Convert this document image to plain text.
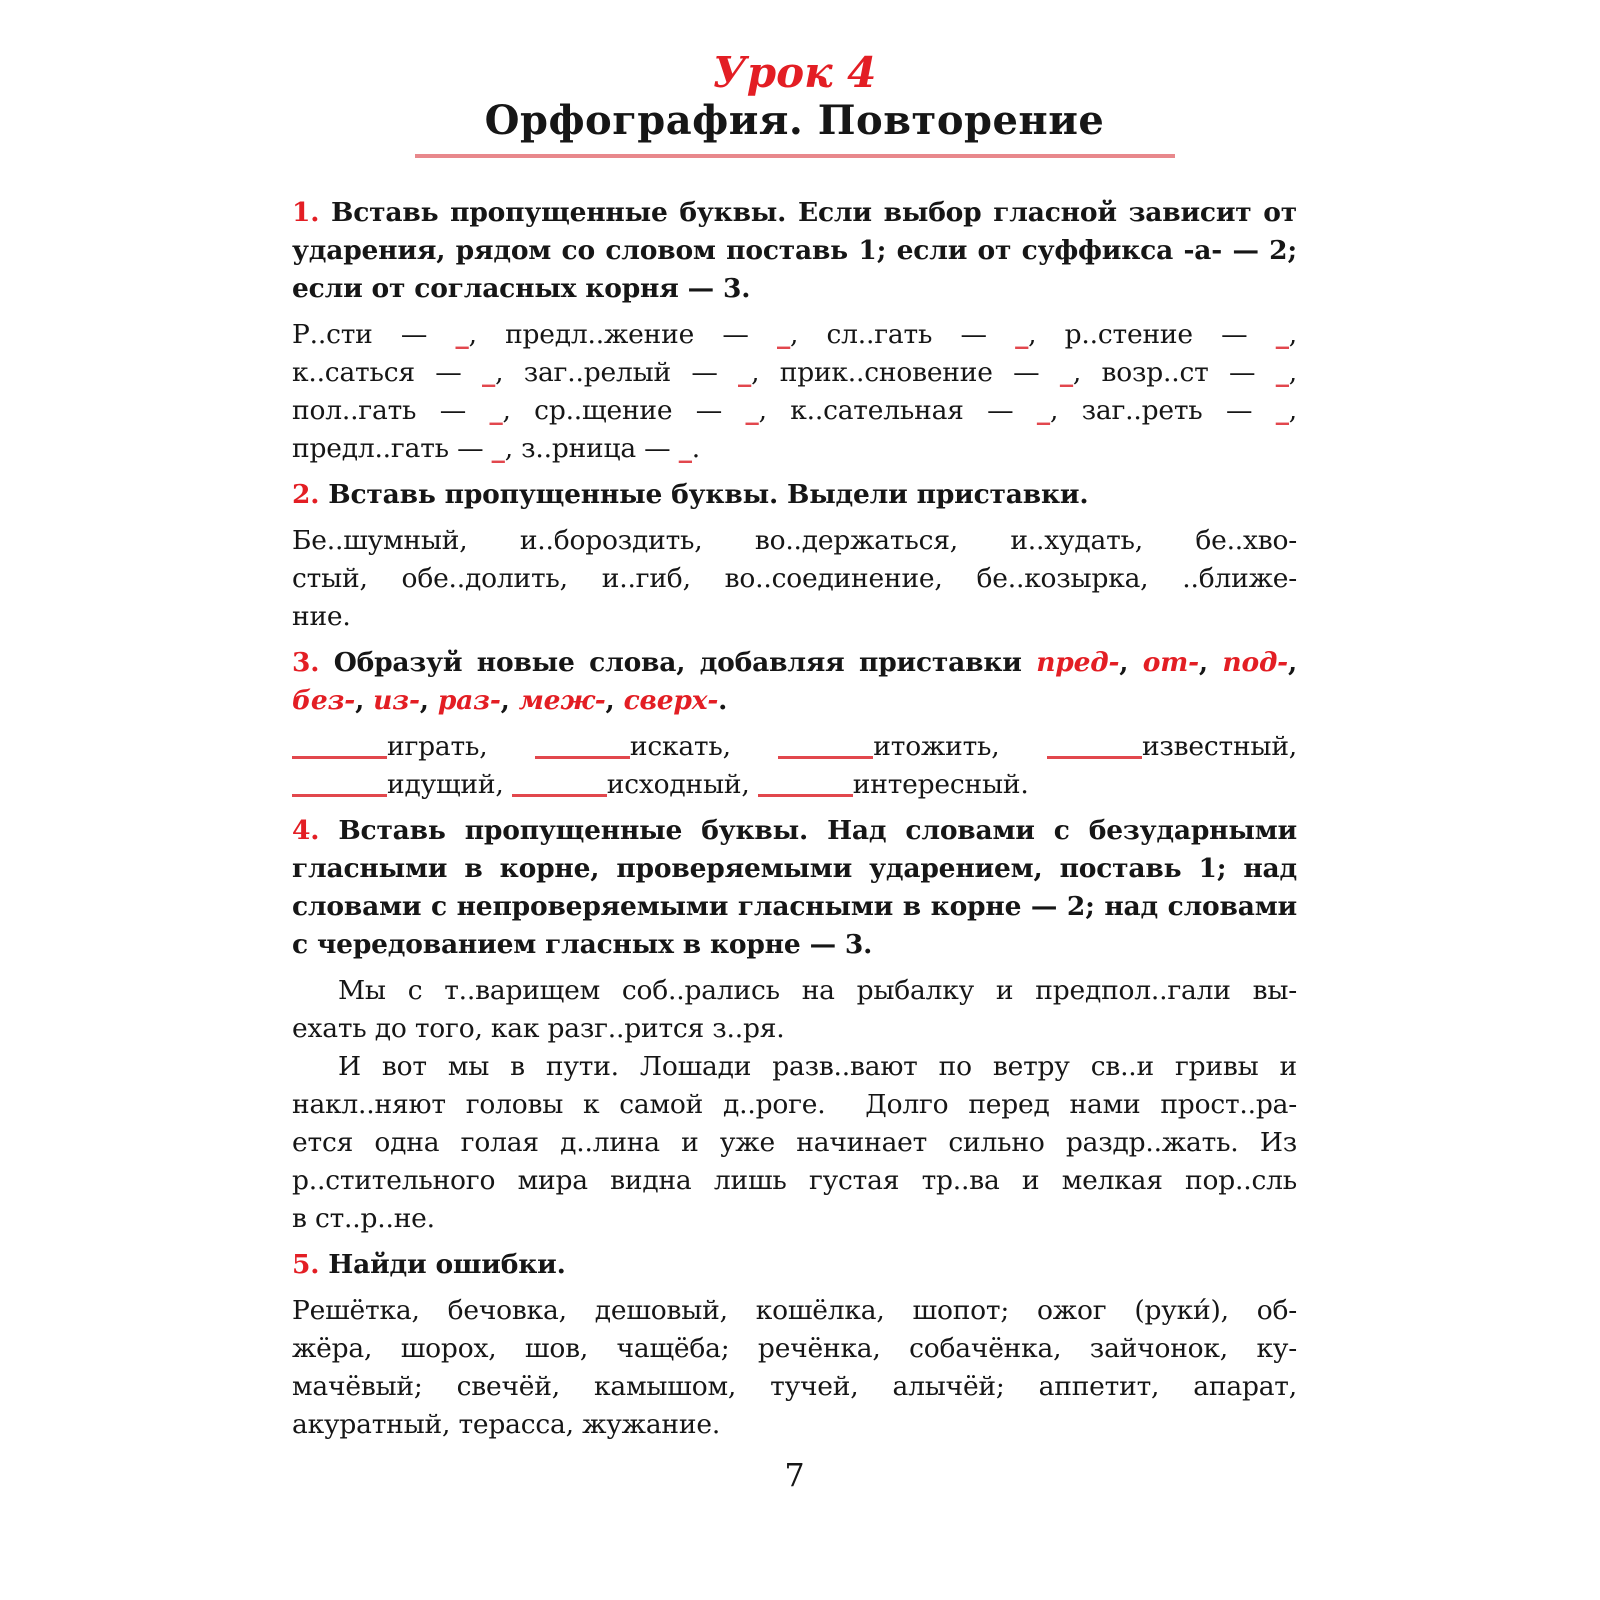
Урок 4
Орфография. Повторение
1. Вставь пропущенные буквы. Если выбор гласной зависит от
ударения, рядом со словом поставь 1; если от суффикса -а- — 2;
если от согласных корня — 3.
Р..сти — _, предл..жение — _, сл..гать — _, р..стение — _,
к..саться — _, заг..релый — _, прик..сновение — _, возр..ст — _,
пол..гать — _, ср..щение — _, к..сательная — _, заг..реть — _,
предл..гать — _, з..рница — _.
2. Вставь пропущенные буквы. Выдели приставки.
Бе..шумный, и..бороздить, во..держаться, и..худать, бе..хво-
стый, обе..долить, и..гиб, во..соединение, бе..козырка, ..ближе-
ние.
3. Образуй новые слова, добавляя приставки пред-, от-, под-,
без-, из-, раз-, меж-, сверх-.
играть,	искать,	итожить,	известный,
идущий,	исходный,	интересный.
4. Вставь пропущенные буквы. Над словами с безударными
гласными в корне, проверяемыми ударением, поставь 1; над
словами с непроверяемыми гласными в корне — 2; над словами
с чередованием гласных в корне — 3.
Мы с т..варищем соб..рались на рыбалку и предпол..гали вы-
ехать до того, как разг..рится з..ря.
И вот мы в пути. Лошади разв..вают по ветру св..и гривы и
накл..няют головы к самой д..роге.  Долго перед нами прост..ра-
ется одна голая д..лина и уже начинает сильно раздр..жать. Из
р..стительного мира видна лишь густая тр..ва и мелкая пор..сль
в ст..р..не.
5. Найди ошибки.
Решётка, бечовка, дешовый, кошёлка, шопот; ожог (руки́), об-
жёра, шорох, шов, чащёба; речёнка, собачёнка, зайчонок, ку-
мачёвый; свечёй, камышом, тучей, алычёй; аппетит, апарат,
акуратный, терасса, жужание.
7
